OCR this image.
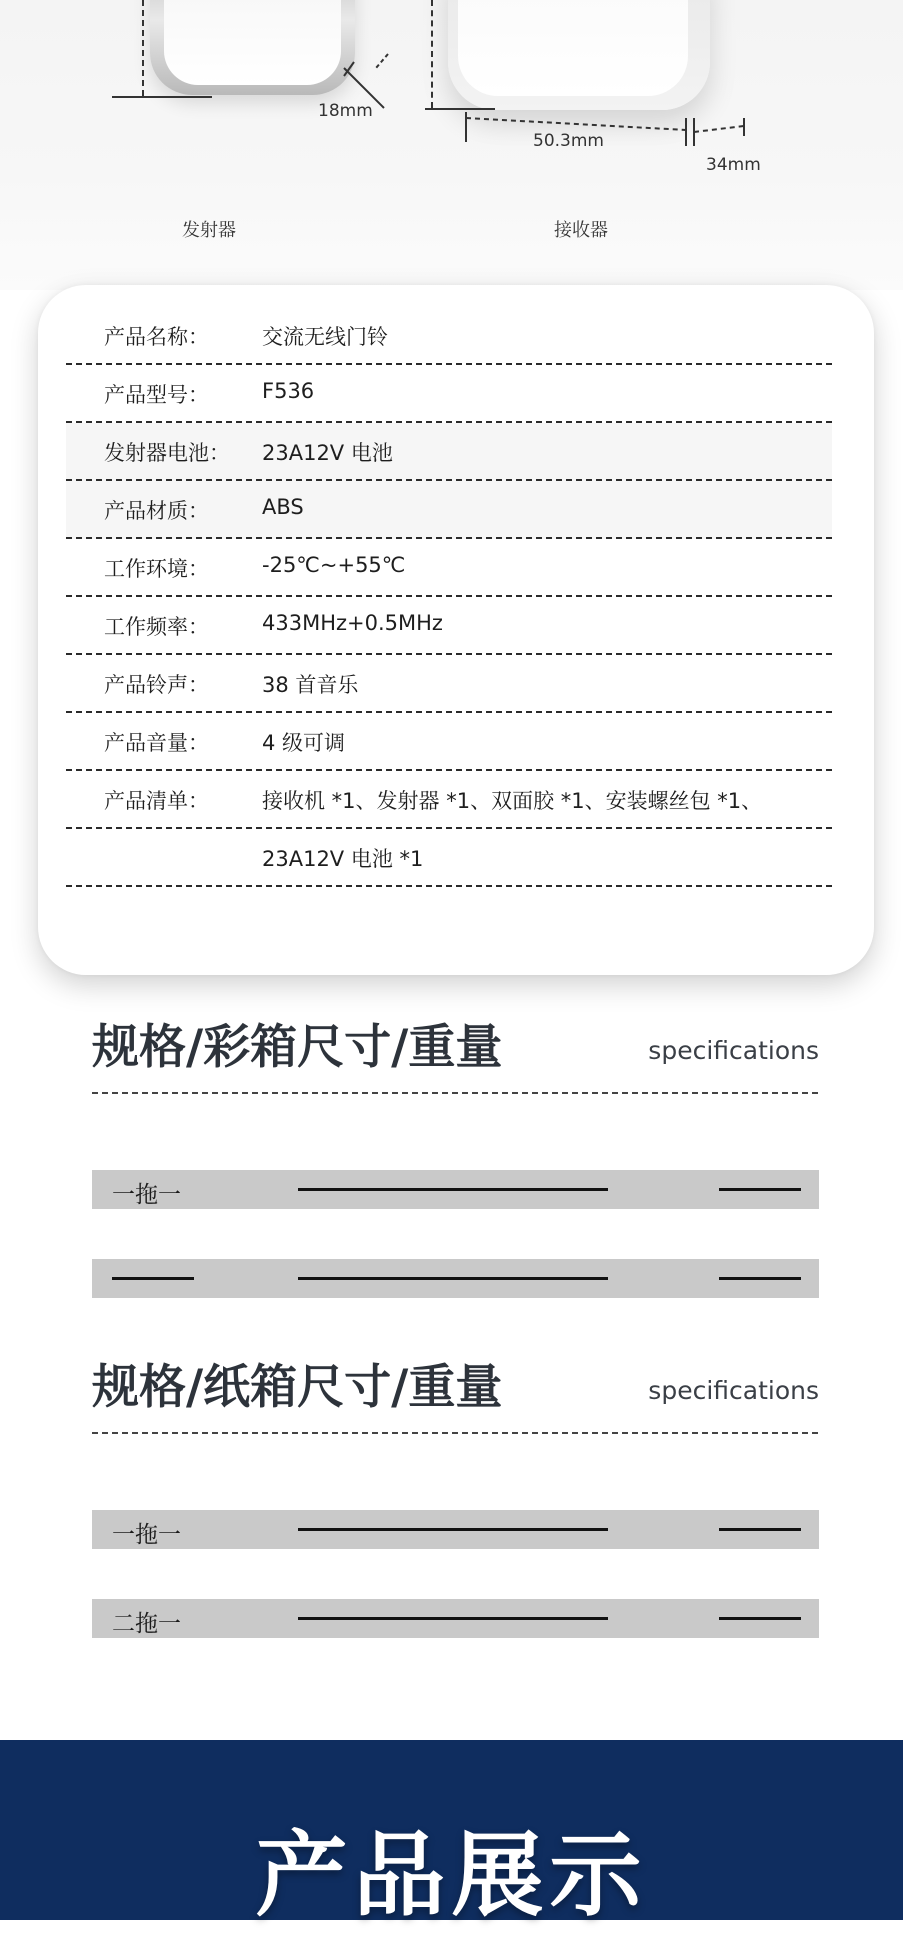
18mm
50.3mm
34mm
发射器	接收器
产品名称：	交流无线门铃
产品型号：	F536
发射器电池： 23A12V 电池
产品材质：	ABS
工作环境：	-25℃~+55℃
工作频率：	433MHz+0.5MHz
产品铃声：	38 首音乐
产品音量：	4 级可调
产品清单：	接收机 *1、发射器 *1、双面胶 *1、安装螺丝包 *1、
23A12V 电池 *1
规格/彩箱尺寸/重量	specifications
一拖一
规格/纸箱尺寸/重量	specifications
一拖一
二拖一
产品展示
